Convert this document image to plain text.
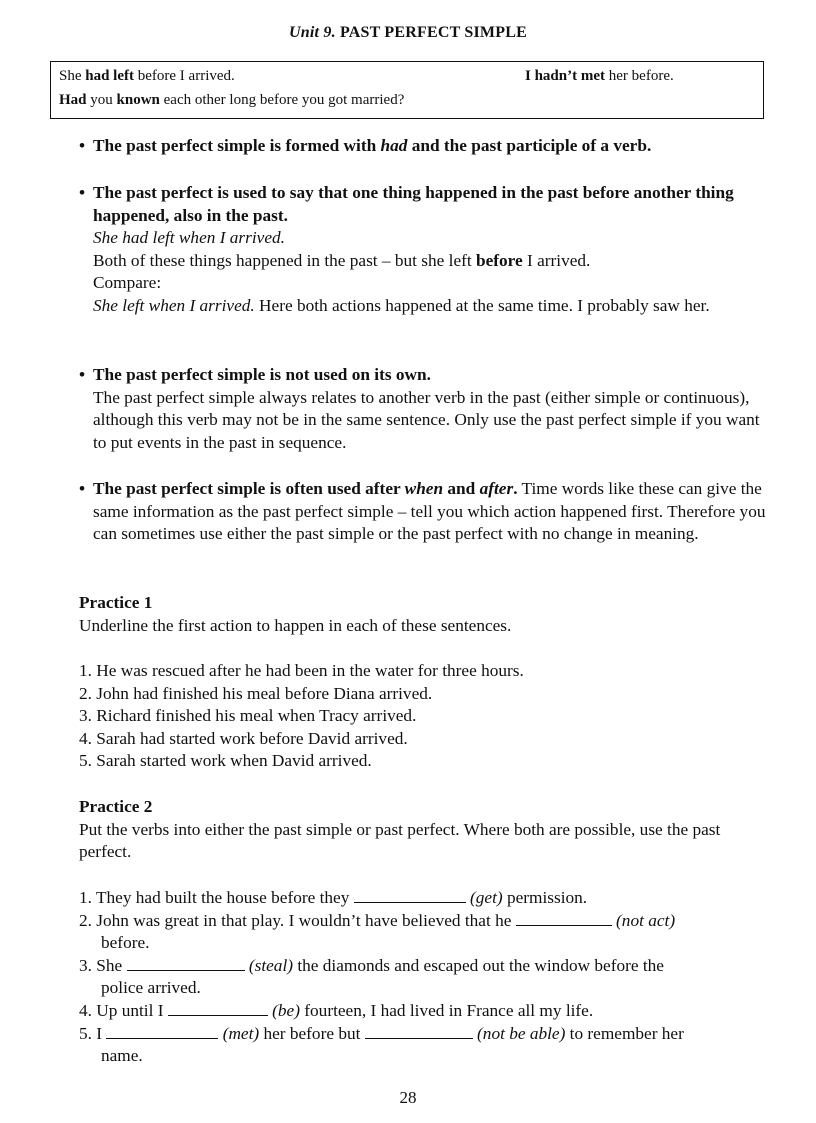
Unit 9. PAST PERFECT SIMPLE
She had left before I arrived.	I hadn’t met her before.
Had you known each other long before you got married?
• The past perfect simple is formed with had and the past participle of a verb.
• The past perfect is used to say that one thing happened in the past before another thing happened, also in the past.
She had left when I arrived.
Both of these things happened in the past – but she left before I arrived.
Compare:
She left when I arrived. Here both actions happened at the same time. I probably saw her.
• The past perfect simple is not used on its own.
The past perfect simple always relates to another verb in the past (either simple or continuous), although this verb may not be in the same sentence. Only use the past perfect simple if you want to put events in the past in sequence.
• The past perfect simple is often used after when and after. Time words like these can give the same information as the past perfect simple – tell you which action happened first. Therefore you can sometimes use either the past simple or the past perfect with no change in meaning.
Practice 1
Underline the first action to happen in each of these sentences.
1. He was rescued after he had been in the water for three hours.
2. John had finished his meal before Diana arrived.
3. Richard finished his meal when Tracy arrived.
4. Sarah had started work before David arrived.
5. Sarah started work when David arrived.
Practice 2
Put the verbs into either the past simple or past perfect. Where both are possible, use the past perfect.
1. They had built the house before they	(get) permission.
2. John was great in that play. I wouldn’t have believed that he	(not act)
before.
3. She	(steal) the diamonds and escaped out the window before the
police arrived.
4. Up until I	(be) fourteen, I had lived in France all my life.
5. I	(met) her before but	(not be able) to remember her
name.
28
